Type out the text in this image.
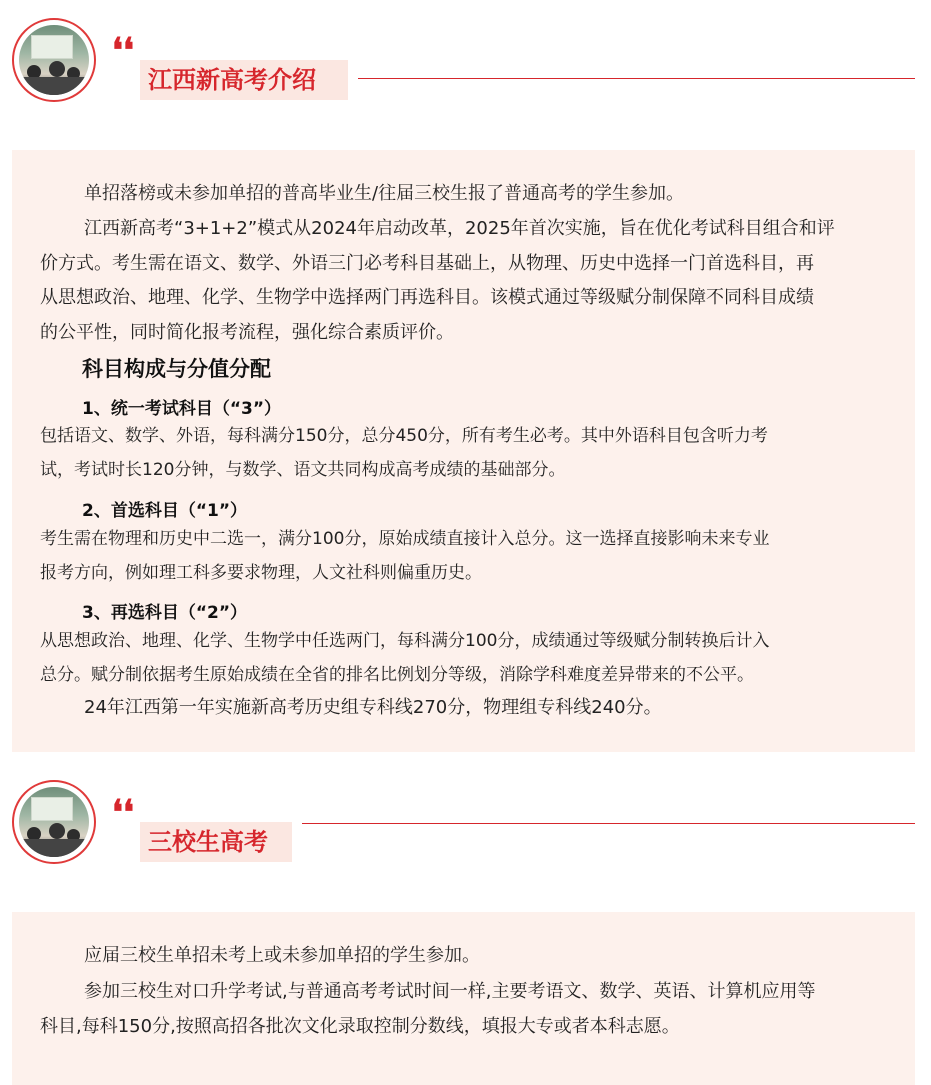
❛❛
江西新高考介绍
单招落榜或未参加单招的普高毕业生/往届三校生报了普通高考的学生参加。
江西新高考“3+1+2”模式从2024年启动改革，2025年首次实施，旨在优化考试科目组合和评
价方式。考生需在语文、数学、外语三门必考科目基础上，从物理、历史中选择一门首选科目，再
从思想政治、地理、化学、生物学中选择两门再选科目。该模式通过等级赋分制保障不同科目成绩
的公平性，同时简化报考流程，强化综合素质评价。
科目构成与分值分配
1、统一考试科目（“3”）
包括语文、数学、外语，每科满分150分，总分450分，所有考生必考。其中外语科目包含听力考
试，考试时长120分钟，与数学、语文共同构成高考成绩的基础部分。
2、首选科目（“1”）
考生需在物理和历史中二选一，满分100分，原始成绩直接计入总分。这一选择直接影响未来专业
报考方向，例如理工科多要求物理，人文社科则偏重历史。
3、再选科目（“2”）
从思想政治、地理、化学、生物学中任选两门，每科满分100分，成绩通过等级赋分制转换后计入
总分。赋分制依据考生原始成绩在全省的排名比例划分等级，消除学科难度差异带来的不公平。
24年江西第一年实施新高考历史组专科线270分，物理组专科线240分。
❛❛
三校生高考
应届三校生单招未考上或未参加单招的学生参加。
参加三校生对口升学考试,与普通高考考试时间一样,主要考语文、数学、英语、计算机应用等
科目,每科150分,按照高招各批次文化录取控制分数线，填报大专或者本科志愿。
